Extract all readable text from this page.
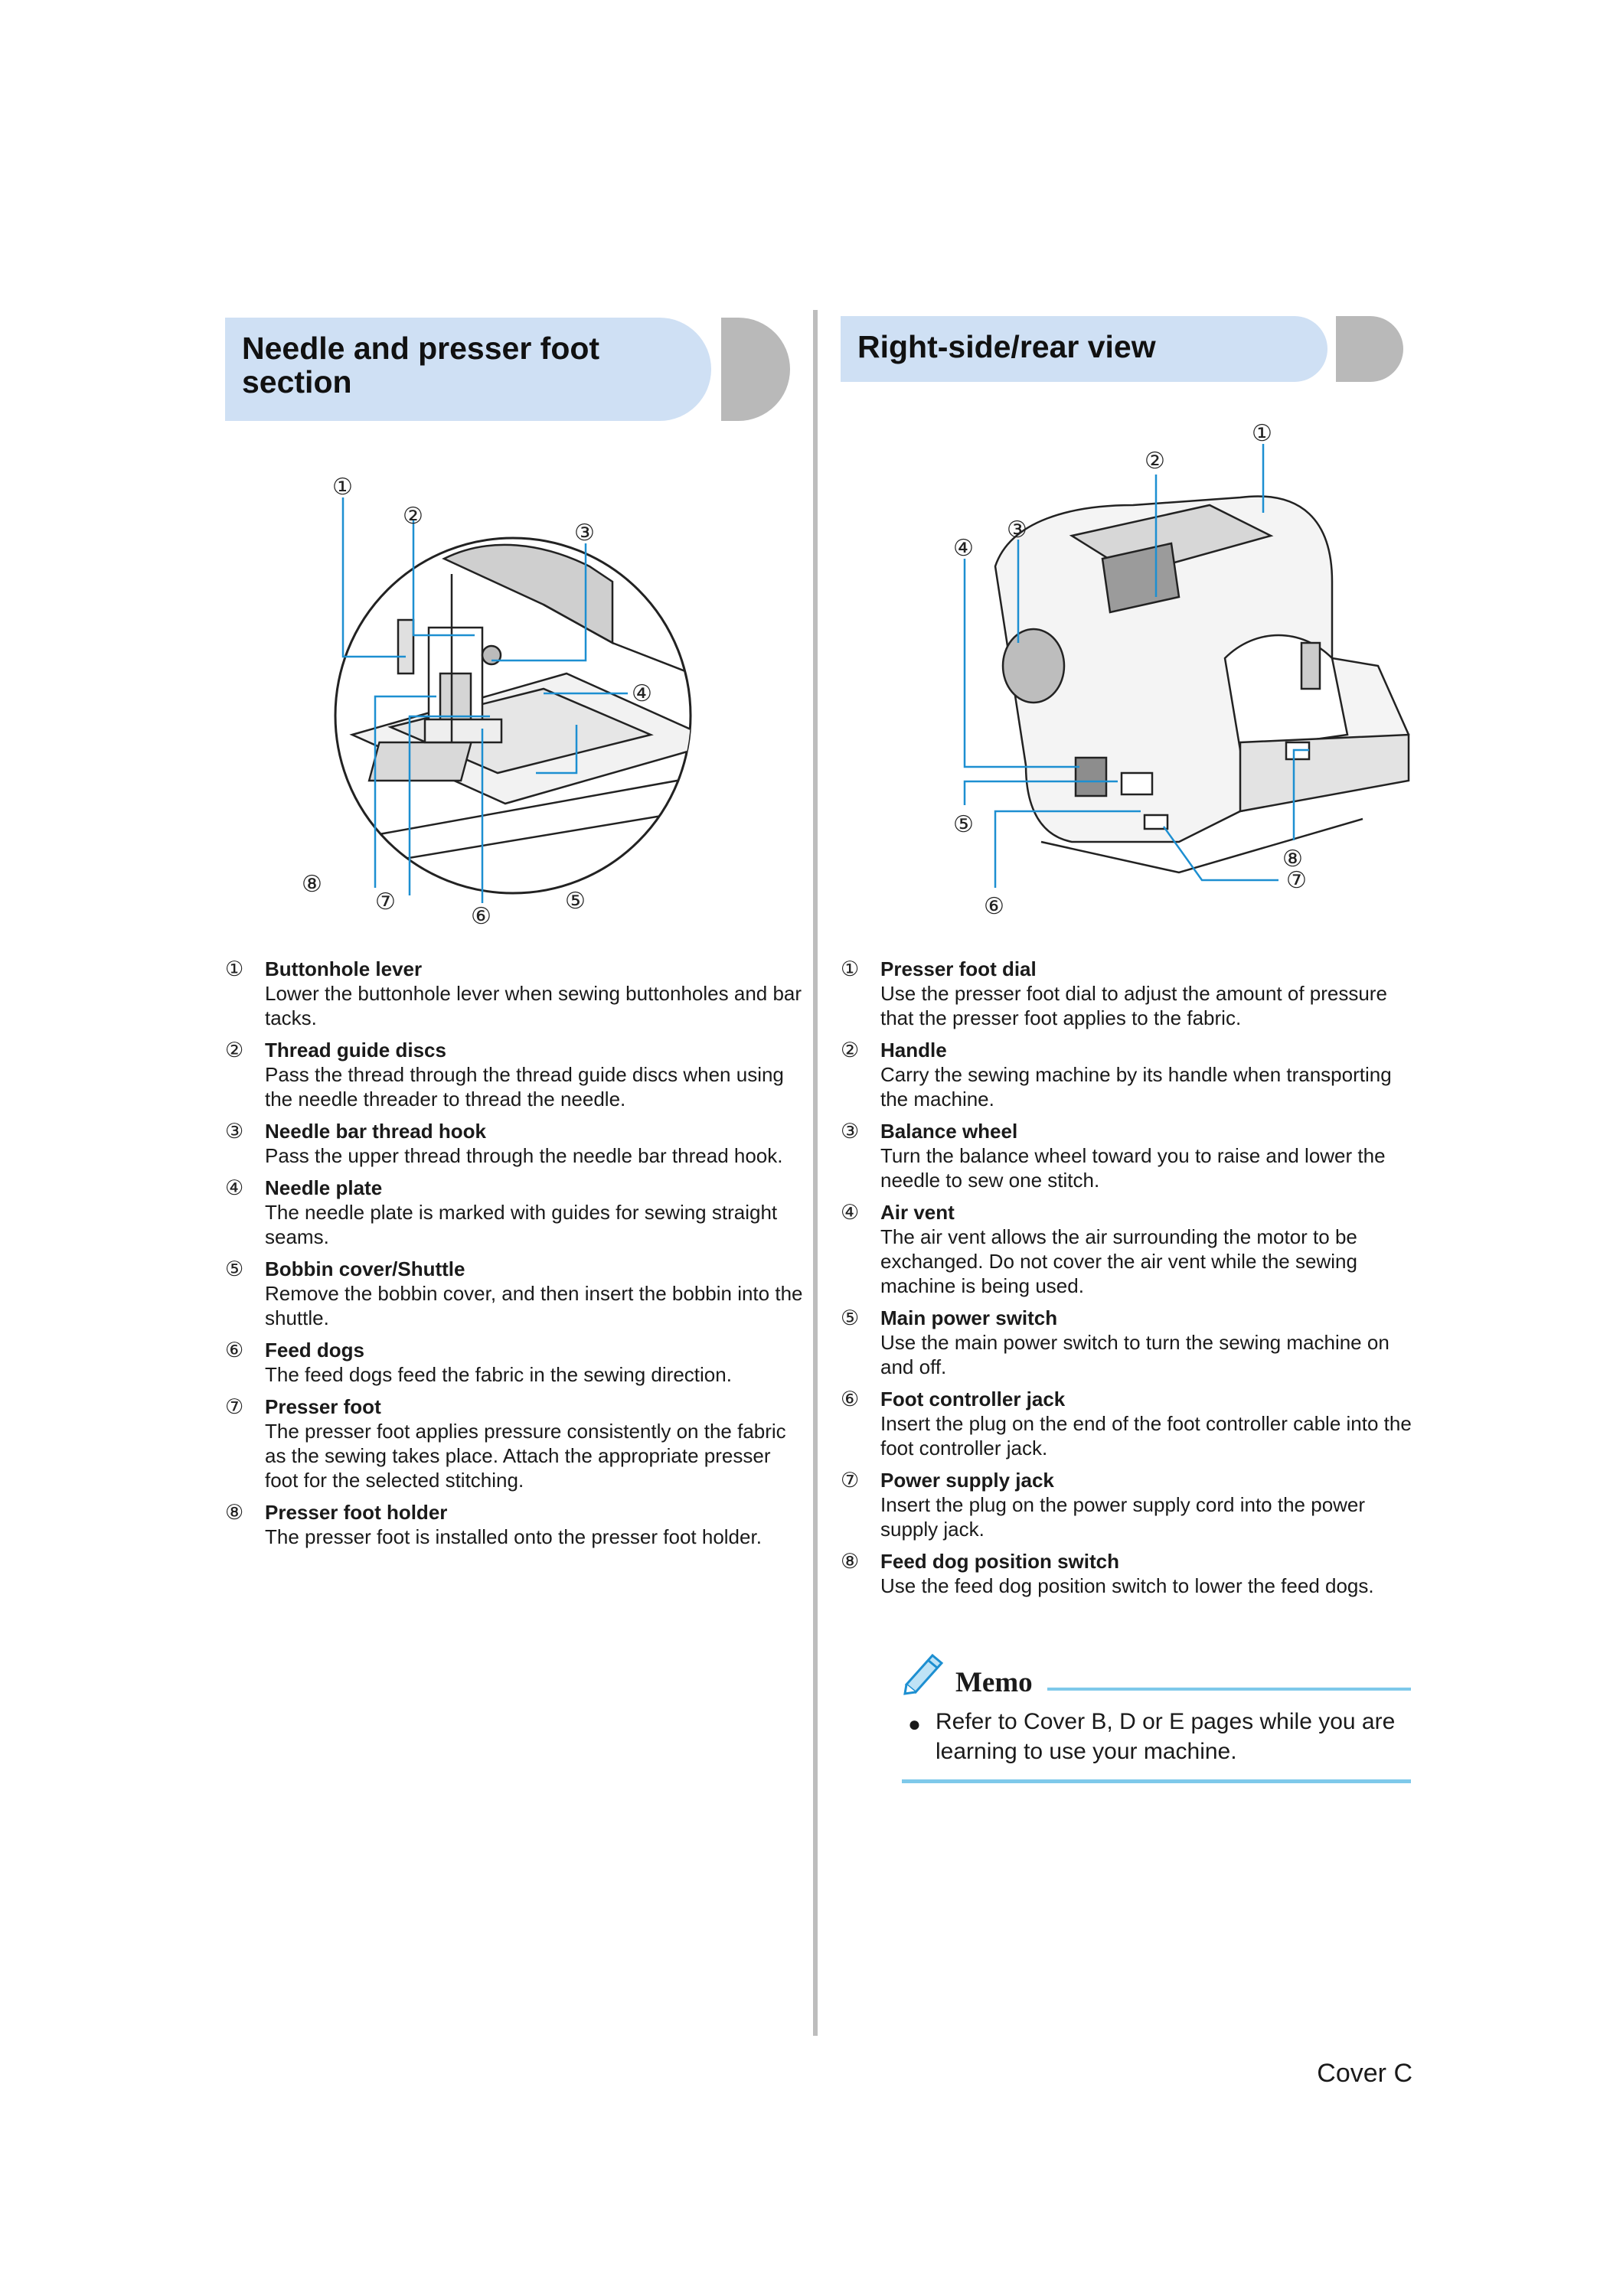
Needle and presser foot section
Right-side/rear view
①
②
③
④
⑤
⑥
⑦
⑧
①
②
③
④
⑤
⑥
⑦
⑧
① Buttonhole lever
Lower the buttonhole lever when sewing buttonholes and bar tacks.
② Thread guide discs
Pass the thread through the thread guide discs when using the needle threader to thread the needle.
③ Needle bar thread hook
Pass the upper thread through the needle bar thread hook.
④ Needle plate
The needle plate is marked with guides for sewing straight seams.
⑤ Bobbin cover/Shuttle
Remove the bobbin cover, and then insert the bobbin into the shuttle.
⑥ Feed dogs
The feed dogs feed the fabric in the sewing direction.
⑦ Presser foot
The presser foot applies pressure consistently on the fabric as the sewing takes place. Attach the appropriate presser foot for the selected stitching.
⑧ Presser foot holder
The presser foot is installed onto the presser foot holder.
① Presser foot dial
Use the presser foot dial to adjust the amount of pressure that the presser foot applies to the fabric.
② Handle
Carry the sewing machine by its handle when transporting the machine.
③ Balance wheel
Turn the balance wheel toward you to raise and lower the needle to sew one stitch.
④ Air vent
The air vent allows the air surrounding the motor to be exchanged. Do not cover the air vent while the sewing machine is being used.
⑤ Main power switch
Use the main power switch to turn the sewing machine on and off.
⑥ Foot controller jack
Insert the plug on the end of the foot controller cable into the foot controller jack.
⑦ Power supply jack
Insert the plug on the power supply cord into the power supply jack.
⑧ Feed dog position switch
Use the feed dog position switch to lower the feed dogs.
Memo
● Refer to Cover B, D or E pages while you are learning to use your machine.
Cover C
